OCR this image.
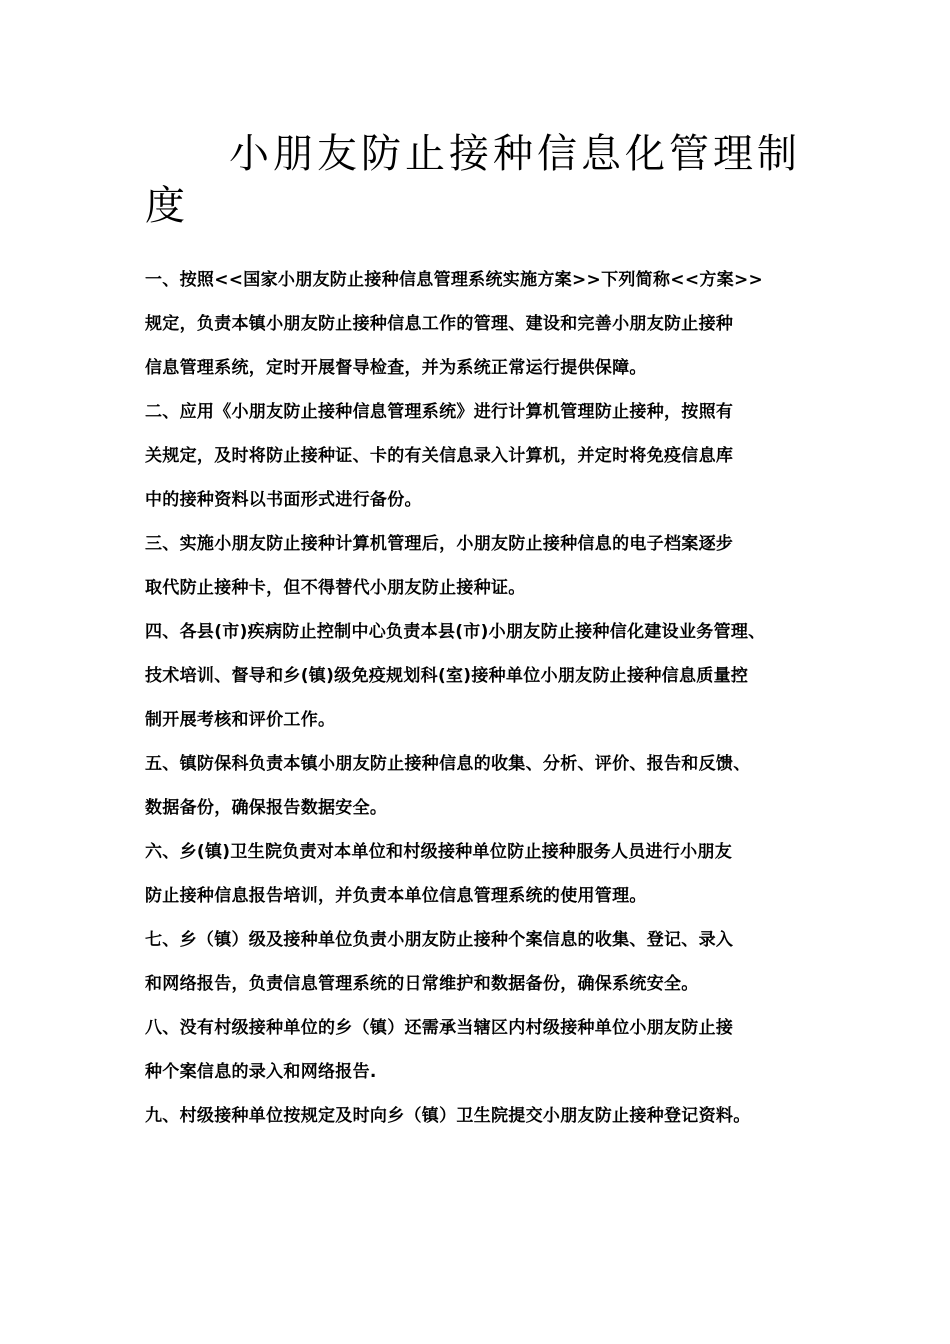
小朋友防止接种信息化管理制
度

一、按照<<国家小朋友防止接种信息管理系统实施方案>>下列简称<<方案>>

规定，负责本镇小朋友防止接种信息工作的管理、建设和完善小朋友防止接种

信息管理系统，定时开展督导检查，并为系统正常运行提供保障。

二、应用《小朋友防止接种信息管理系统》进行计算机管理防止接种，按照有

关规定，及时将防止接种证、卡的有关信息录入计算机，并定时将免疫信息库

中的接种资料以书面形式进行备份。

三、实施小朋友防止接种计算机管理后，小朋友防止接种信息的电子档案逐步

取代防止接种卡，但不得替代小朋友防止接种证。

四、各县(市)疾病防止控制中心负责本县(市)小朋友防止接种信化建设业务管理、

技术培训、督导和乡(镇)级免疫规划科(室)接种单位小朋友防止接种信息质量控

制开展考核和评价工作。

五、镇防保科负责本镇小朋友防止接种信息的收集、分析、评价、报告和反馈、

数据备份，确保报告数据安全。

六、乡(镇)卫生院负责对本单位和村级接种单位防止接种服务人员进行小朋友

防止接种信息报告培训，并负责本单位信息管理系统的使用管理。

七、乡（镇）级及接种单位负责小朋友防止接种个案信息的收集、登记、录入

和网络报告，负责信息管理系统的日常维护和数据备份，确保系统安全。

八、没有村级接种单位的乡（镇）还需承当辖区内村级接种单位小朋友防止接

种个案信息的录入和网络报告.

九、村级接种单位按规定及时向乡（镇）卫生院提交小朋友防止接种登记资料。
